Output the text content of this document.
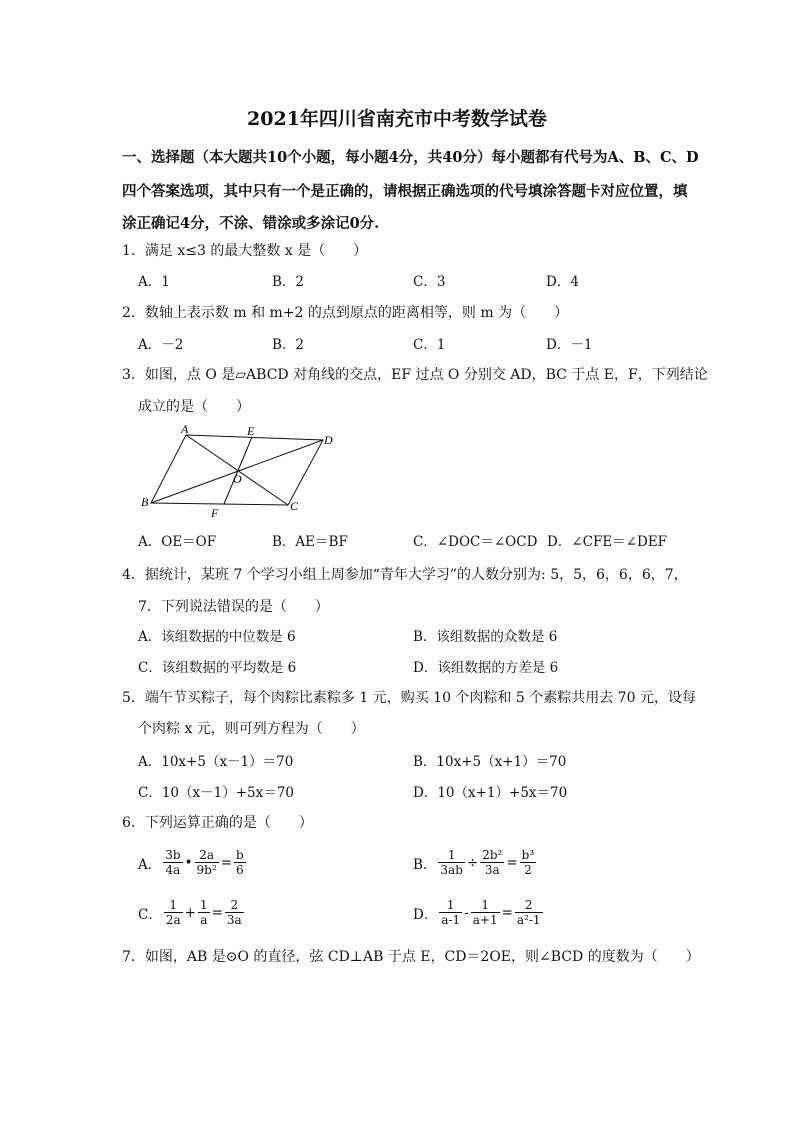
2021年四川省南充市中考数学试卷
一、选择题（本大题共10个小题，每小题4分，共40分）每小题都有代号为A、B、C、D
四个答案选项，其中只有一个是正确的，请根据正确选项的代号填涂答题卡对应位置，填
涂正确记4分，不涂、错涂或多涂记0分.
1．满足 x≤3 的最大整数 x 是（　　）
A．1	B．2	C．3	D．4
2．数轴上表示数 m 和 m+2 的点到原点的距离相等，则 m 为（　　）
A．－2	B．2	C．1	D．－1
3．如图，点 O 是▱ABCD 对角线的交点，EF 过点 O 分别交 AD，BC 于点 E，F，下列结论
成立的是（　　）
A	E
D
O
B
F	C
A．OE＝OF	B．AE＝BF	C．∠DOC＝∠OCD D．∠CFE＝∠DEF
4．据统计，某班 7 个学习小组上周参加“青年大学习”的人数分别为: 5，5，6，6，6，7，
7．下列说法错误的是（　　）
A．该组数据的中位数是 6	B．该组数据的众数是 6
C．该组数据的平均数是 6	D．该组数据的方差是 6
5．端午节买粽子，每个肉粽比素粽多 1 元，购买 10 个肉粽和 5 个素粽共用去 70 元，设每
个肉粽 x 元，则可列方程为（　　）
A．10x+5（x－1）＝70	B．10x+5（x+1）＝70
C．10（x－1）+5x＝70	D．10（x+1）+5x＝70
6．下列运算正确的是（　　）
A． $\frac{3b}{4a}$ • $\frac{2a}{\text{9b²}} = \frac{b}{6}$	B． $\frac{1}{3ab} \div \frac{\text{2b²}}{3a} = \frac{\text{b³}}{2}$
C． $\frac{1}{2a} + \frac{1}{a} = \frac{2}{3a}$	D． $\frac{1}{a-1} - \frac{1}{a+1} = \frac{2}{\text{a²-1}}$
7．如图，AB 是⊙O 的直径，弦 CD⊥AB 于点 E，CD＝2OE，则∠BCD 的度数为（　　）
